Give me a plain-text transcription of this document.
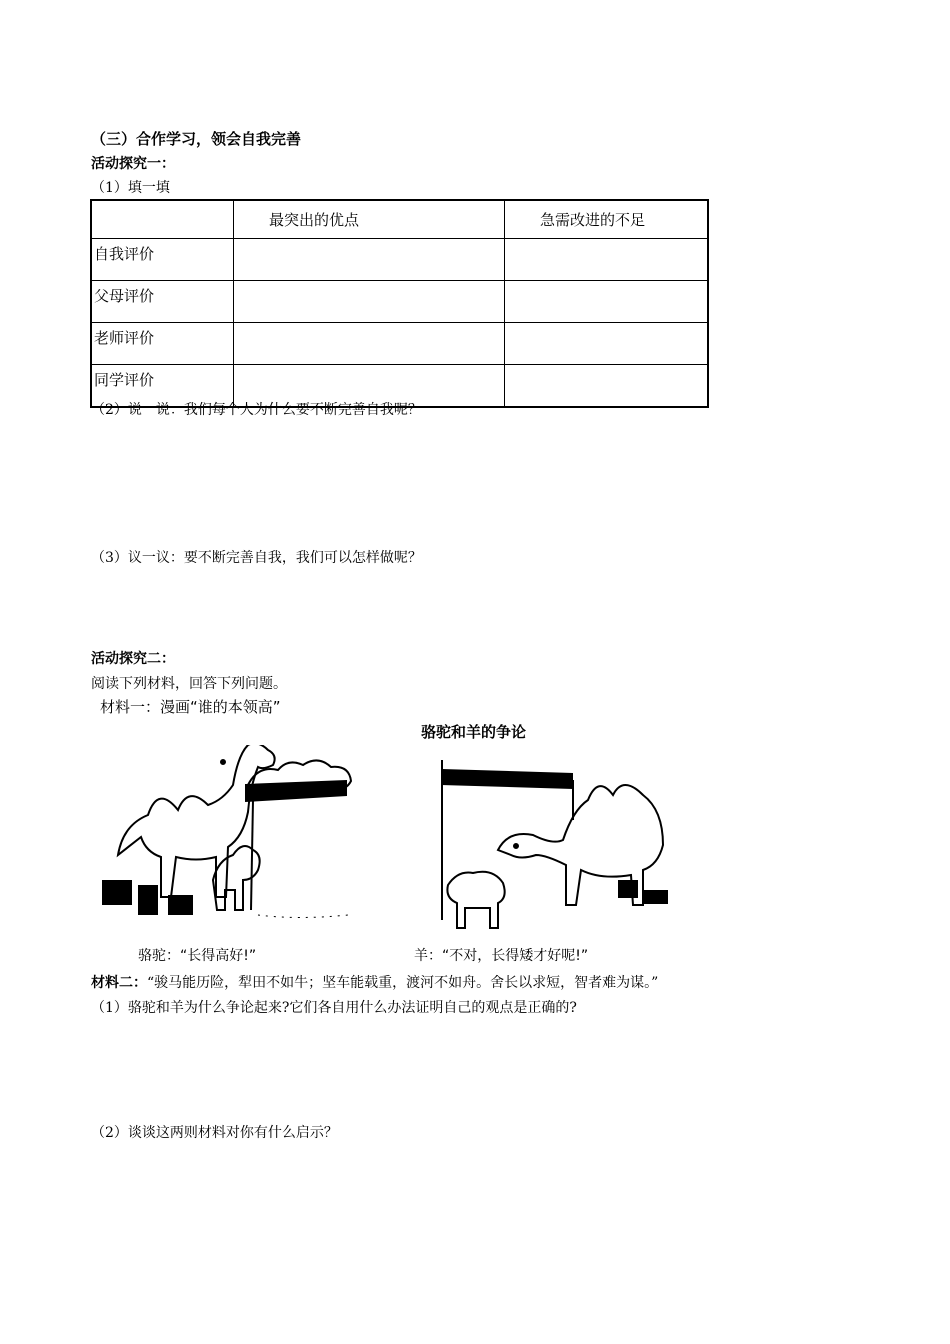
（三）合作学习，领会自我完善
活动探究一：
（1）填一填
	最突出的优点	急需改进的不足
自我评价		
父母评价		
老师评价		
同学评价		
（2）说一说：我们每个人为什么要不断完善自我呢？
（3）议一议：要不断完善自我，我们可以怎样做呢？
活动探究二：
阅读下列材料，回答下列问题。
材料一：漫画“谁的本领高”
骆驼和羊的争论
骆驼：“长得高好!”	羊：“不对，长得矮才好呢!”
材料二：“骏马能历险，犁田不如牛；坚车能载重，渡河不如舟。舍长以求短，智者难为谋。”
（1）骆驼和羊为什么争论起来?它们各自用什么办法证明自己的观点是正确的?
（2）谈谈这两则材料对你有什么启示？
